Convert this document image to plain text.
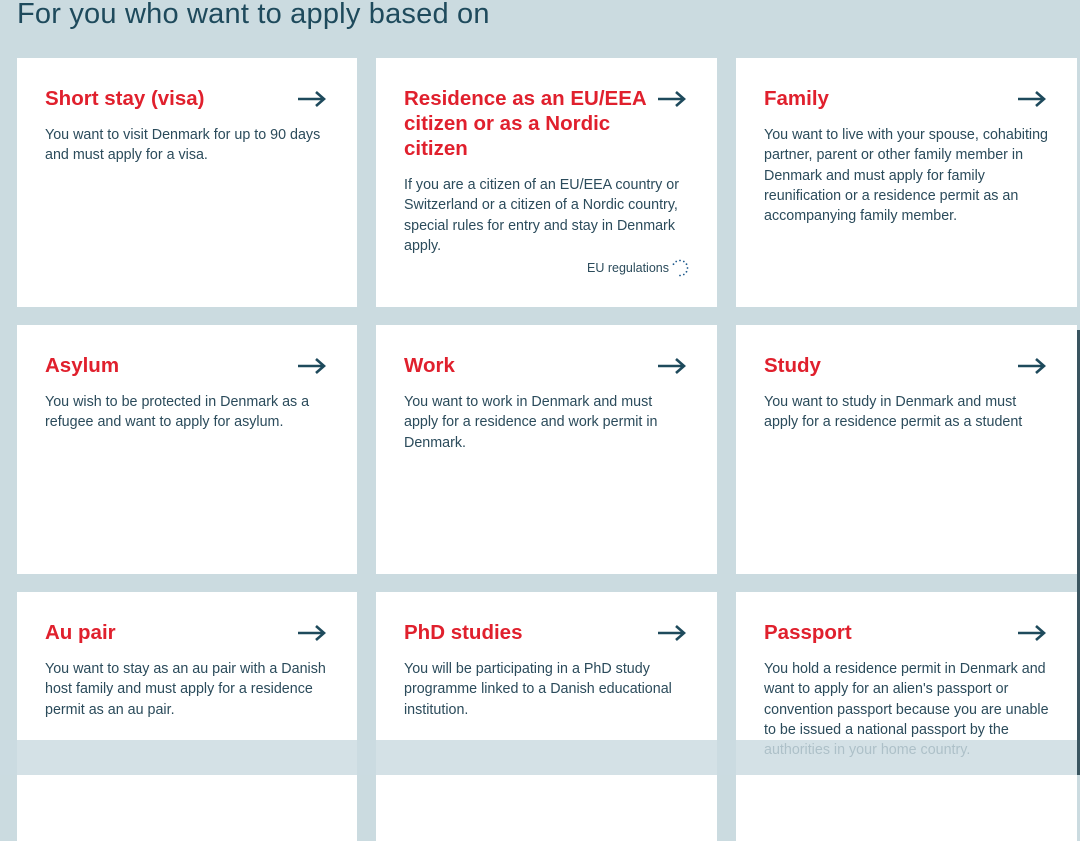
For you who want to apply based on
Short stay (visa)

You want to visit Denmark for up to 90 days and must apply for a visa.

Residence as an EU/EEA citizen or as a Nordic citizen

If you are a citizen of an EU/EEA country or Switzerland or a citizen of a Nordic country, special rules for entry and stay in Denmark apply.

EU regulations
Family

You want to live with your spouse, cohabiting partner, parent or other family member in Denmark and must apply for family reunification or a residence permit as an accompanying family member.

Asylum

You wish to be protected in Denmark as a refugee and want to apply for asylum.

Work

You want to work in Denmark and must apply for a residence and work permit in Denmark.

Study

You want to study in Denmark and must apply for a residence permit as a student

Au pair

You want to stay as an au pair with a Danish host family and must apply for a residence permit as an au pair.

PhD studies

You will be participating in a PhD study programme linked to a Danish educational institution.

Passport

You hold a residence permit in Denmark and want to apply for an alien's passport or convention passport because you are unable to be issued a national passport by the
